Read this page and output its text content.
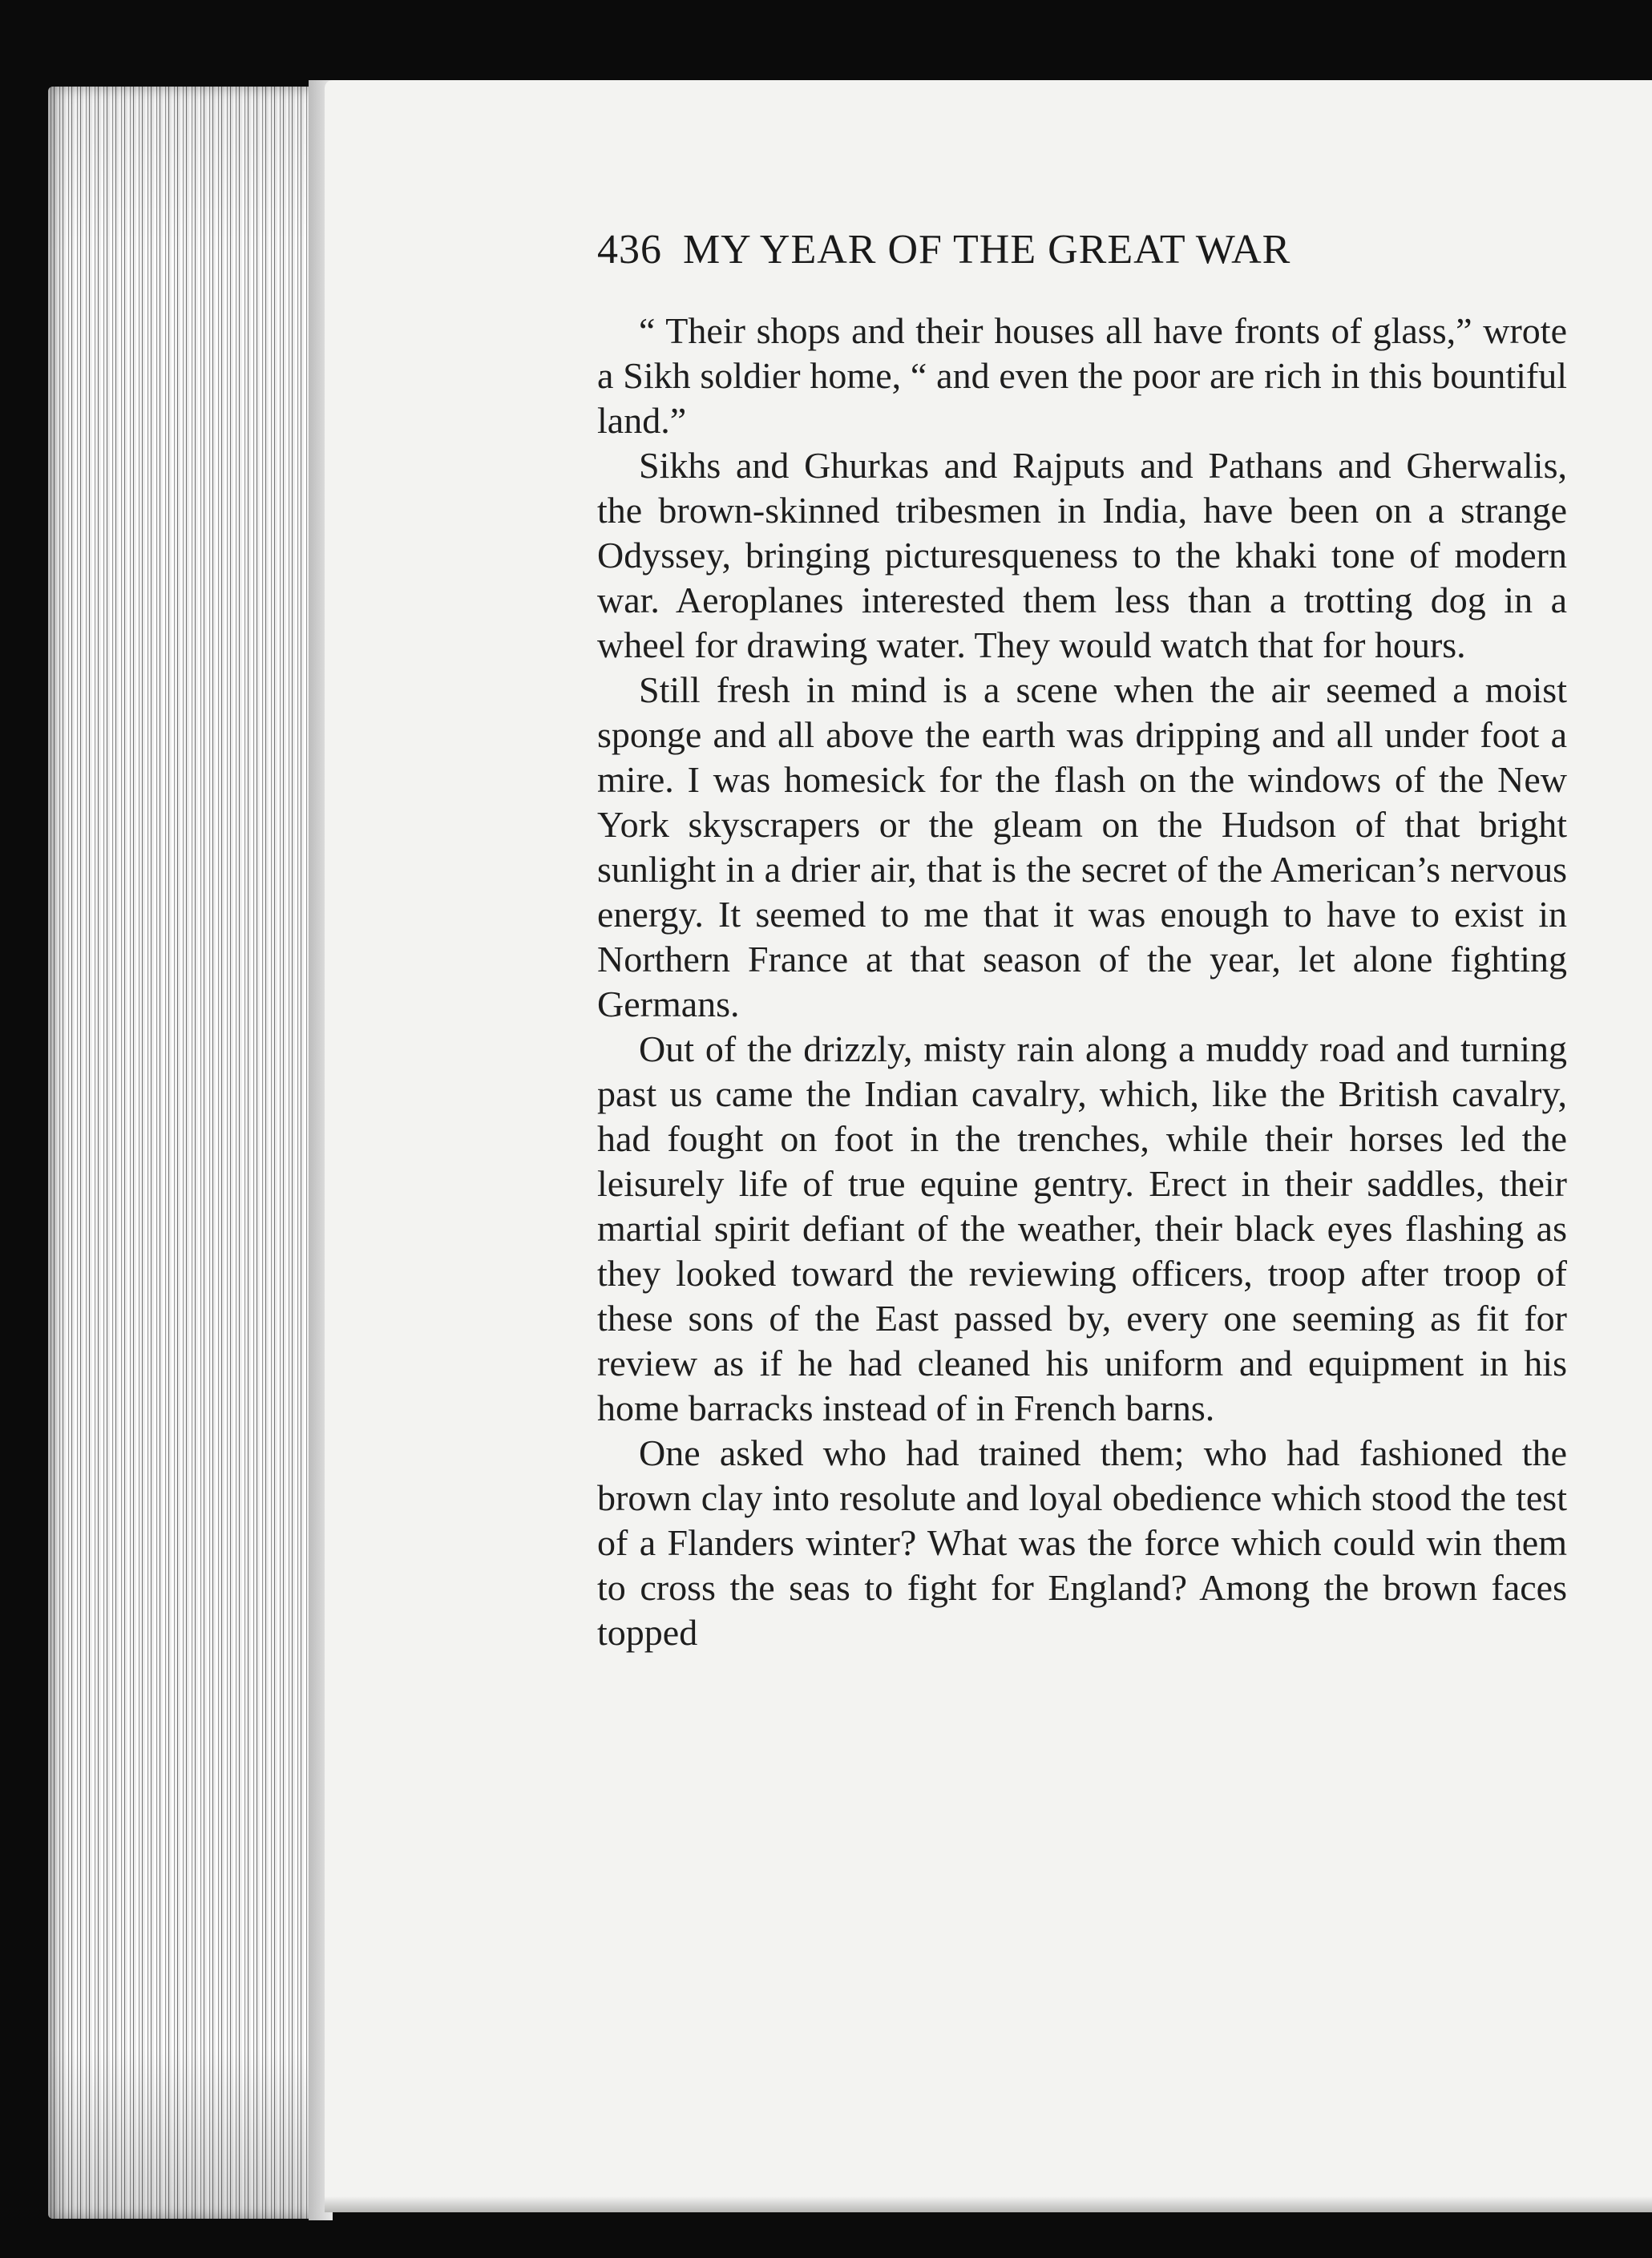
436 MY YEAR OF THE GREAT WAR

“ Their shops and their houses all have fronts of glass,” wrote a Sikh soldier home, “ and even the poor are rich in this bountiful land.”

Sikhs and Ghurkas and Rajputs and Pathans and Gherwalis, the brown-skinned tribesmen in India, have been on a strange Odyssey, bringing picturesqueness to the khaki tone of modern war. Aeroplanes interested them less than a trotting dog in a wheel for drawing water. They would watch that for hours.

Still fresh in mind is a scene when the air seemed a moist sponge and all above the earth was dripping and all under foot a mire. I was homesick for the flash on the windows of the New York skyscrapers or the gleam on the Hudson of that bright sunlight in a drier air, that is the secret of the American’s nervous energy. It seemed to me that it was enough to have to exist in Northern France at that season of the year, let alone fighting Germans.

Out of the drizzly, misty rain along a muddy road and turning past us came the Indian cavalry, which, like the British cavalry, had fought on foot in the trenches, while their horses led the leisurely life of true equine gentry. Erect in their saddles, their martial spirit defiant of the weather, their black eyes flashing as they looked toward the reviewing officers, troop after troop of these sons of the East passed by, every one seeming as fit for review as if he had cleaned his uniform and equipment in his home barracks instead of in French barns.

One asked who had trained them; who had fashioned the brown clay into resolute and loyal obedience which stood the test of a Flanders winter? What was the force which could win them to cross the seas to fight for England? Among the brown faces topped
